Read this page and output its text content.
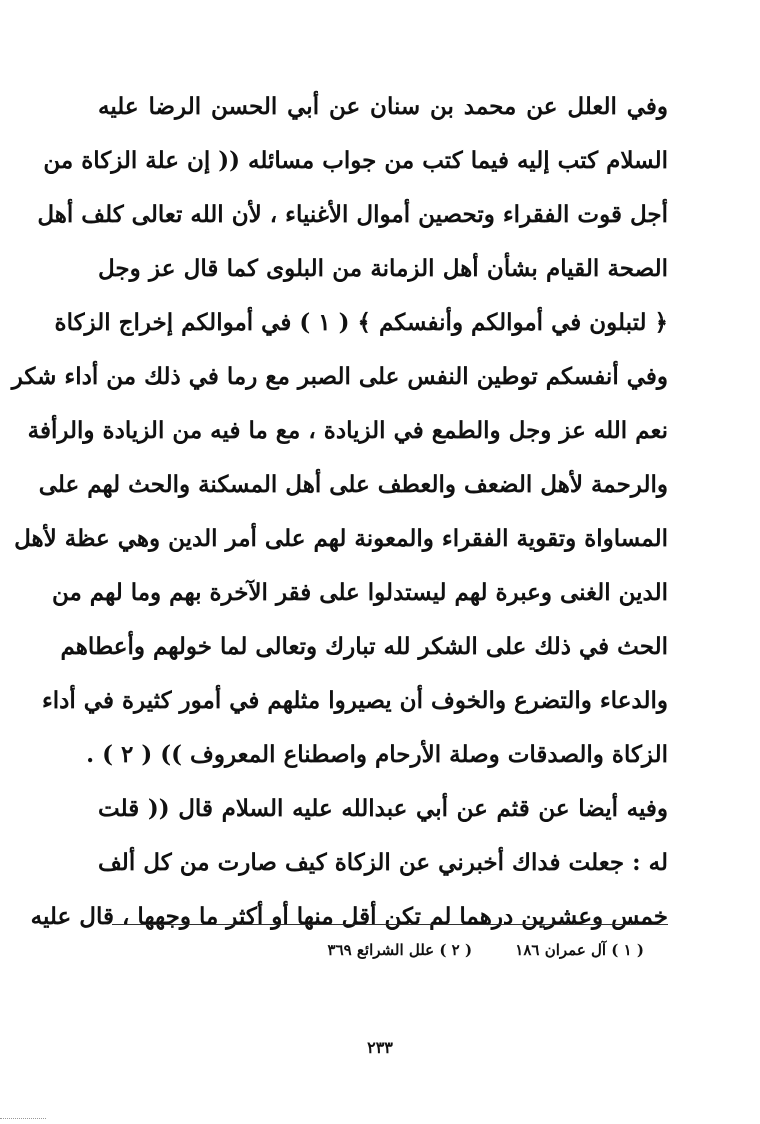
وفي العلل عن محمد بن سنان عن أبي الحسن الرضا عليه
السلام كتب إليه فيما كتب من جواب مسائله (( إن علة الزكاة من
أجل قوت الفقراء وتحصين أموال الأغنياء ، لأن الله تعالى كلف أهل
الصحة القيام بشأن أهل الزمانة من البلوى كما قال عز وجل
﴿ لتبلون في أموالكم وأنفسكم ﴾ ( ١ ) في أموالكم إخراج الزكاة
وفي أنفسكم توطين النفس على الصبر مع رما في ذلك من أداء شكر
نعم الله عز وجل والطمع في الزيادة ، مع ما فيه من الزيادة والرأفة
والرحمة لأهل الضعف والعطف على أهل المسكنة والحث لهم على
المساواة وتقوية الفقراء والمعونة لهم على أمر الدين وهي عظة لأهل
الدين الغنى وعبرة لهم ليستدلوا على فقر الآخرة بهم وما لهم من
الحث في ذلك على الشكر لله تبارك وتعالى لما خولهم وأعطاهم
والدعاء والتضرع والخوف أن يصيروا مثلهم في أمور كثيرة في أداء
الزكاة والصدقات وصلة الأرحام واصطناع المعروف )) ( ٢ ) .
وفيه أيضا عن قثم عن أبي عبدالله عليه السلام قال (( قلت
له : جعلت فداك أخبرني عن الزكاة كيف صارت من كل ألف
خمس وعشرين درهما لم تكن أقل منها أو أكثر ما وجهها ، قال عليه
( ١ ) آل عمران ١٨٦ ( ٢ ) علل الشرائع ٣٦٩
٢٣٣
